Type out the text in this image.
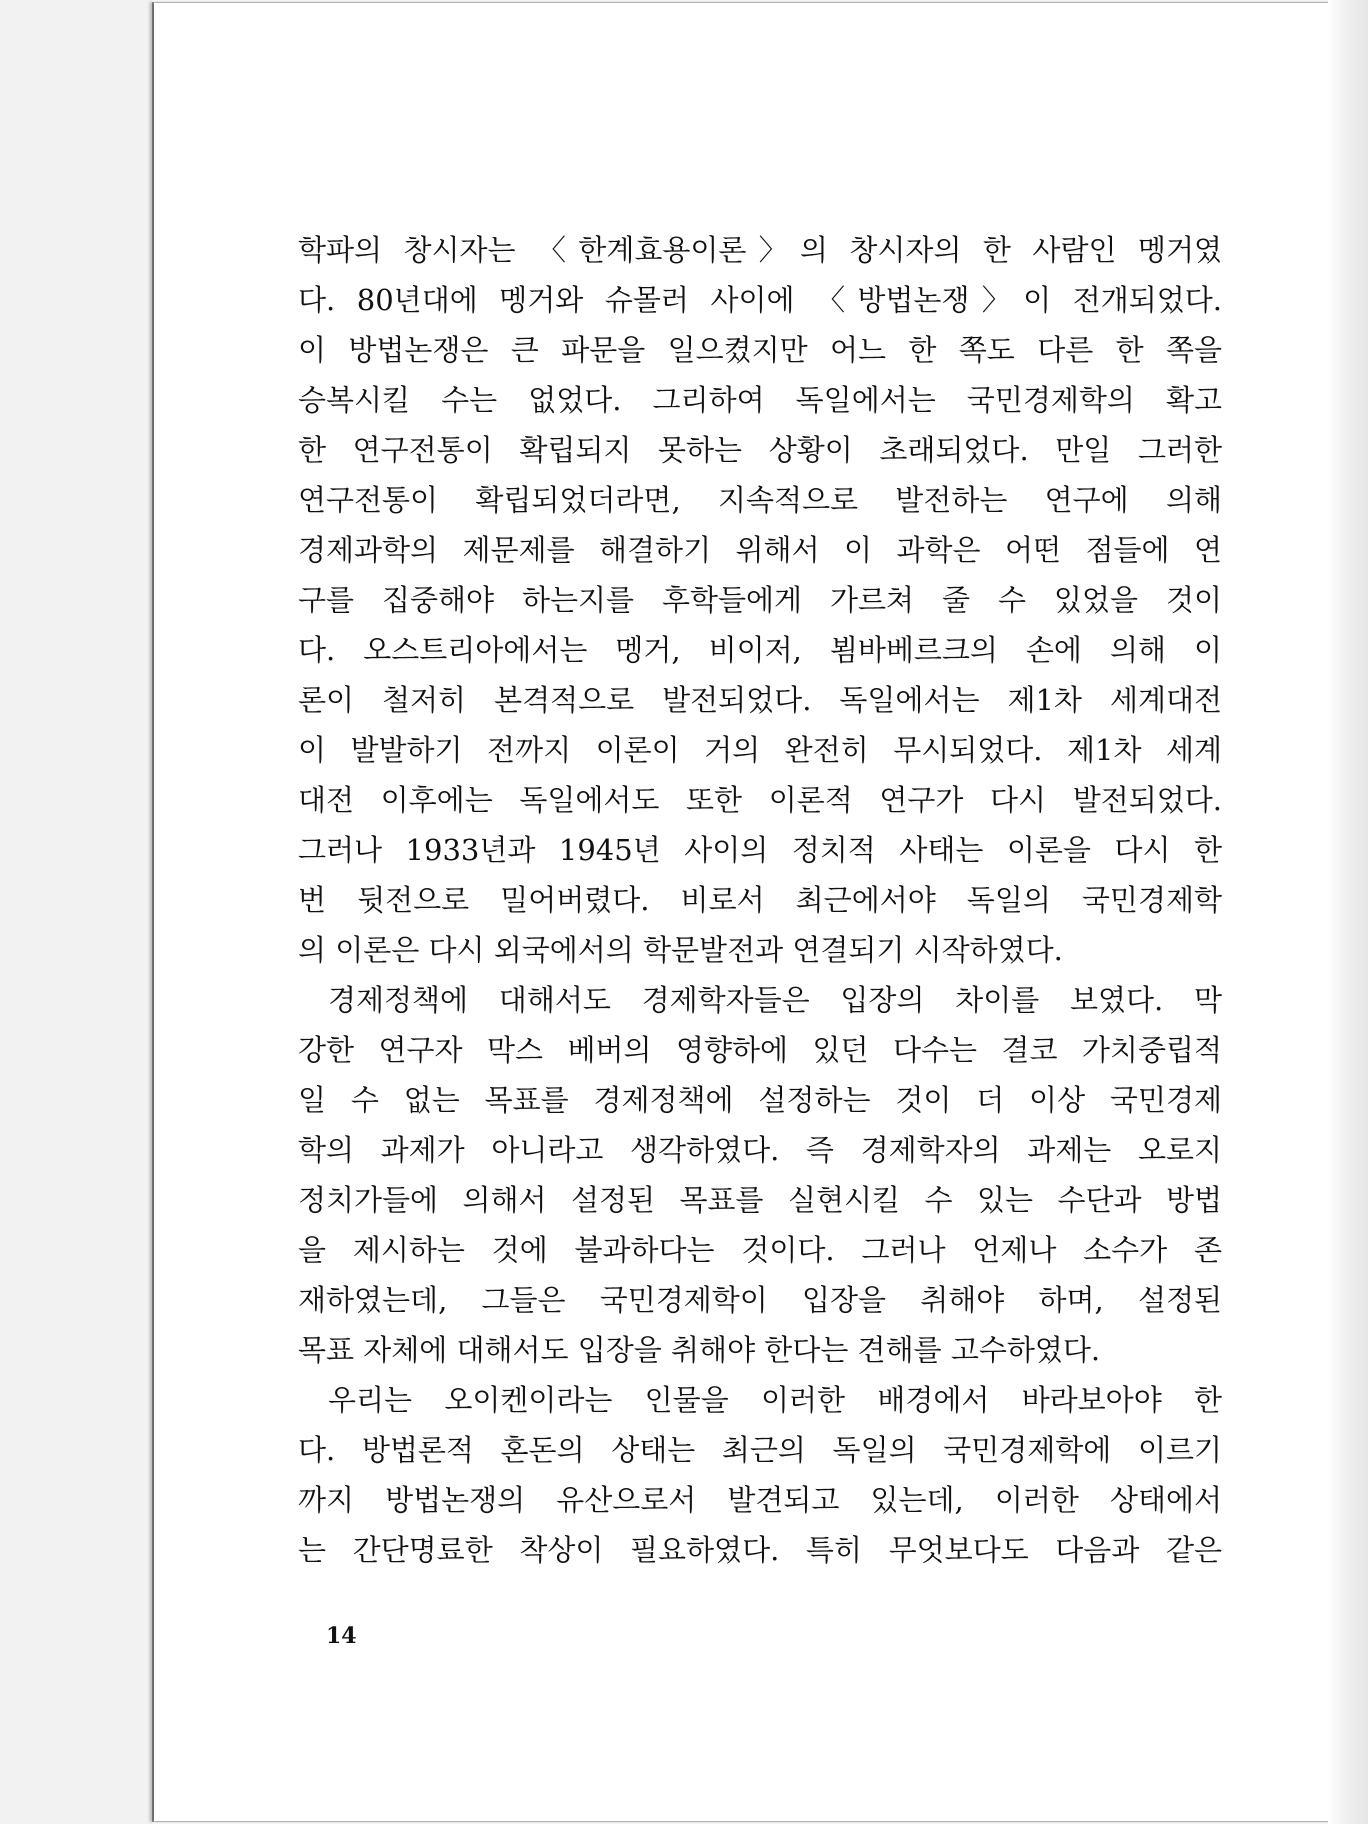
학파의 창시자는 〈한계효용이론〉의 창시자의 한 사람인 멩거였
다. 80년대에 멩거와 슈몰러 사이에 〈방법논쟁〉이 전개되었다.
이 방법논쟁은 큰 파문을 일으켰지만 어느 한 쪽도 다른 한 쪽을
승복시킬 수는 없었다. 그리하여 독일에서는 국민경제학의 확고
한 연구전통이 확립되지 못하는 상황이 초래되었다. 만일 그러한
연구전통이 확립되었더라면, 지속적으로 발전하는 연구에 의해
경제과학의 제문제를 해결하기 위해서 이 과학은 어떤 점들에 연
구를 집중해야 하는지를 후학들에게 가르쳐 줄 수 있었을 것이
다. 오스트리아에서는 멩거, 비이저, 뵘바베르크의 손에 의해 이
론이 철저히 본격적으로 발전되었다. 독일에서는 제1차 세계대전
이 발발하기 전까지 이론이 거의 완전히 무시되었다. 제1차 세계
대전 이후에는 독일에서도 또한 이론적 연구가 다시 발전되었다.
그러나 1933년과 1945년 사이의 정치적 사태는 이론을 다시 한
번 뒷전으로 밀어버렸다. 비로서 최근에서야 독일의 국민경제학
의 이론은 다시 외국에서의 학문발전과 연결되기 시작하였다.
경제정책에 대해서도 경제학자들은 입장의 차이를 보였다. 막
강한 연구자 막스 베버의 영향하에 있던 다수는 결코 가치중립적
일 수 없는 목표를 경제정책에 설정하는 것이 더 이상 국민경제
학의 과제가 아니라고 생각하였다. 즉 경제학자의 과제는 오로지
정치가들에 의해서 설정된 목표를 실현시킬 수 있는 수단과 방법
을 제시하는 것에 불과하다는 것이다. 그러나 언제나 소수가 존
재하였는데, 그들은 국민경제학이 입장을 취해야 하며, 설정된
목표 자체에 대해서도 입장을 취해야 한다는 견해를 고수하였다.
우리는 오이켄이라는 인물을 이러한 배경에서 바라보아야 한
다. 방법론적 혼돈의 상태는 최근의 독일의 국민경제학에 이르기
까지 방법논쟁의 유산으로서 발견되고 있는데, 이러한 상태에서
는 간단명료한 착상이 필요하였다. 특히 무엇보다도 다음과 같은
14
